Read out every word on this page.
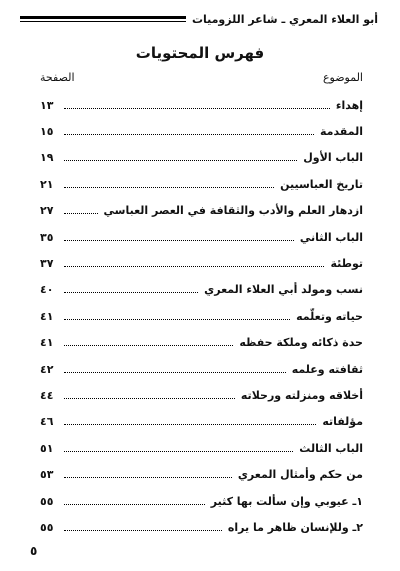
أبو العلاء المعري ـ شاعر اللزوميات
فهرس المحتويات
الموضوع
الصفحة
إهداء
١٣
المقدمة
١٥
الباب الأول
١٩
تاريخ العباسيين
٢١
ازدهار العلم والأدب والثقافة في العصر العباسي
٢٧
الباب الثاني
٣٥
توطئة
٣٧
نسب ومولد أبي العلاء المعري
٤٠
حياته وتعلّمه
٤١
حدة ذكائه وملكة حفظه
٤١
ثقافته وعلمه
٤٢
أخلاقه ومنزلته ورحلاته
٤٤
مؤلفاته
٤٦
الباب الثالث
٥١
من حكم وأمثال المعري
٥٣
١ـ عيوبي وإن سألت بها كثير
٥٥
٢ـ وللإنسان ظاهر ما يراه
٥٥
٥
